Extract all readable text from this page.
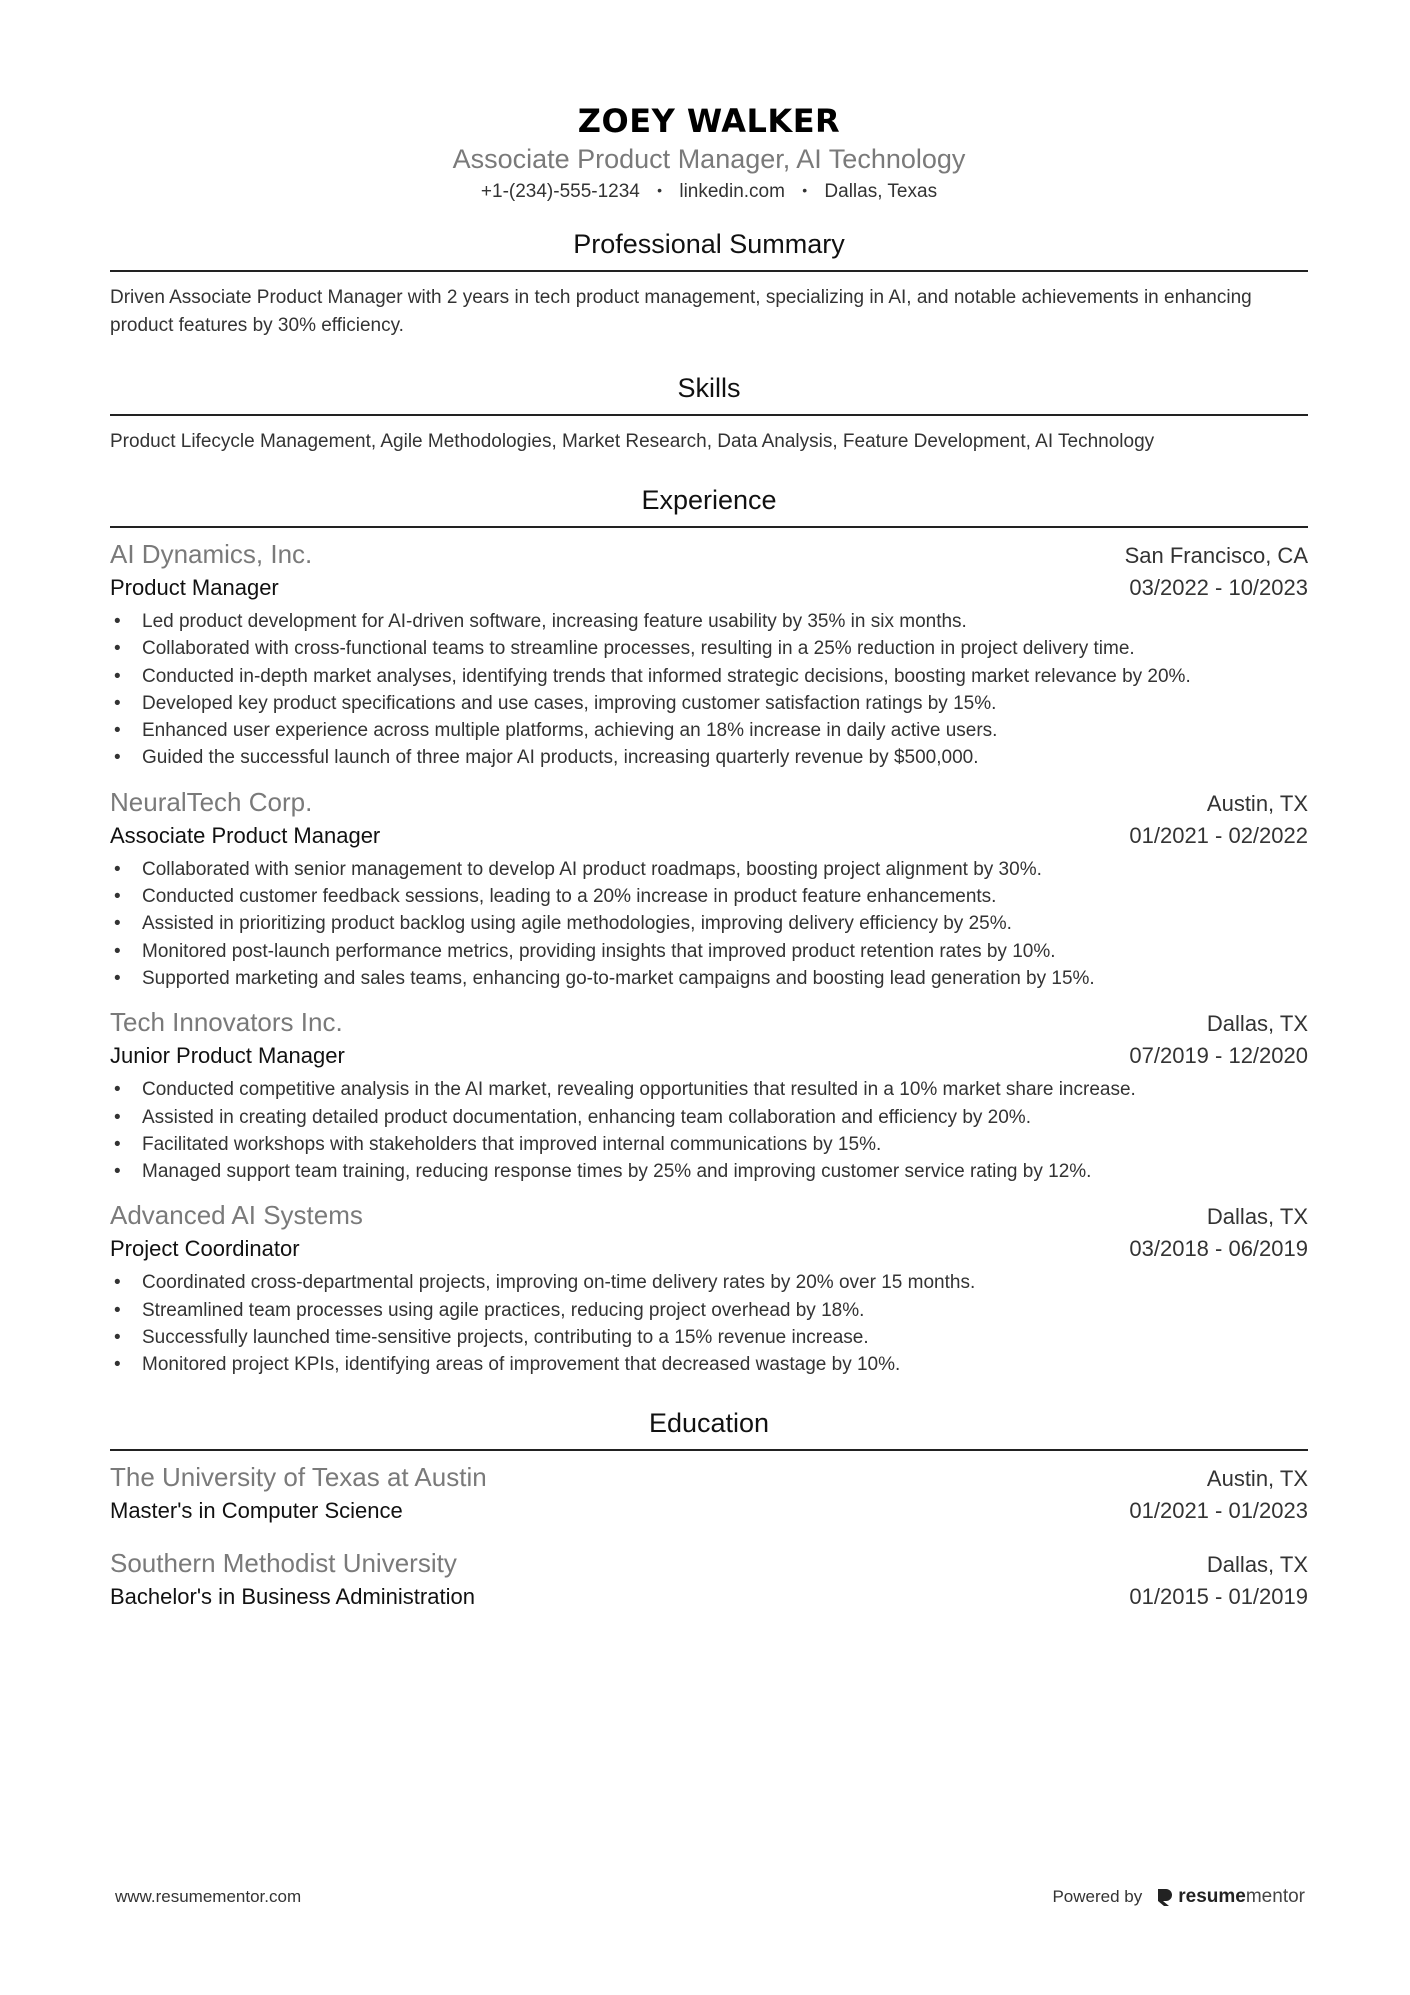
ZOEY WALKER
Associate Product Manager, AI Technology
+1-(234)-555-1234 • linkedin.com • Dallas, Texas
Professional Summary
Driven Associate Product Manager with 2 years in tech product management, specializing in AI, and notable achievements in enhancing product features by 30% efficiency.
Skills
Product Lifecycle Management, Agile Methodologies, Market Research, Data Analysis, Feature Development, AI Technology
Experience
AI Dynamics, Inc.	San Francisco, CA
Product Manager	03/2022 - 10/2023
• Led product development for AI-driven software, increasing feature usability by 35% in six months.
• Collaborated with cross-functional teams to streamline processes, resulting in a 25% reduction in project delivery time.
• Conducted in-depth market analyses, identifying trends that informed strategic decisions, boosting market relevance by 20%.
• Developed key product specifications and use cases, improving customer satisfaction ratings by 15%.
• Enhanced user experience across multiple platforms, achieving an 18% increase in daily active users.
• Guided the successful launch of three major AI products, increasing quarterly revenue by $500,000.
NeuralTech Corp.	Austin, TX
Associate Product Manager	01/2021 - 02/2022
• Collaborated with senior management to develop AI product roadmaps, boosting project alignment by 30%.
• Conducted customer feedback sessions, leading to a 20% increase in product feature enhancements.
• Assisted in prioritizing product backlog using agile methodologies, improving delivery efficiency by 25%.
• Monitored post-launch performance metrics, providing insights that improved product retention rates by 10%.
• Supported marketing and sales teams, enhancing go-to-market campaigns and boosting lead generation by 15%.
Tech Innovators Inc.	Dallas, TX
Junior Product Manager	07/2019 - 12/2020
• Conducted competitive analysis in the AI market, revealing opportunities that resulted in a 10% market share increase.
• Assisted in creating detailed product documentation, enhancing team collaboration and efficiency by 20%.
• Facilitated workshops with stakeholders that improved internal communications by 15%.
• Managed support team training, reducing response times by 25% and improving customer service rating by 12%.
Advanced AI Systems	Dallas, TX
Project Coordinator	03/2018 - 06/2019
• Coordinated cross-departmental projects, improving on-time delivery rates by 20% over 15 months.
• Streamlined team processes using agile practices, reducing project overhead by 18%.
• Successfully launched time-sensitive projects, contributing to a 15% revenue increase.
• Monitored project KPIs, identifying areas of improvement that decreased wastage by 10%.
Education
The University of Texas at Austin	Austin, TX
Master's in Computer Science	01/2021 - 01/2023
Southern Methodist University	Dallas, TX
Bachelor's in Business Administration	01/2015 - 01/2019
www.resumementor.com	Powered by resume mentor
